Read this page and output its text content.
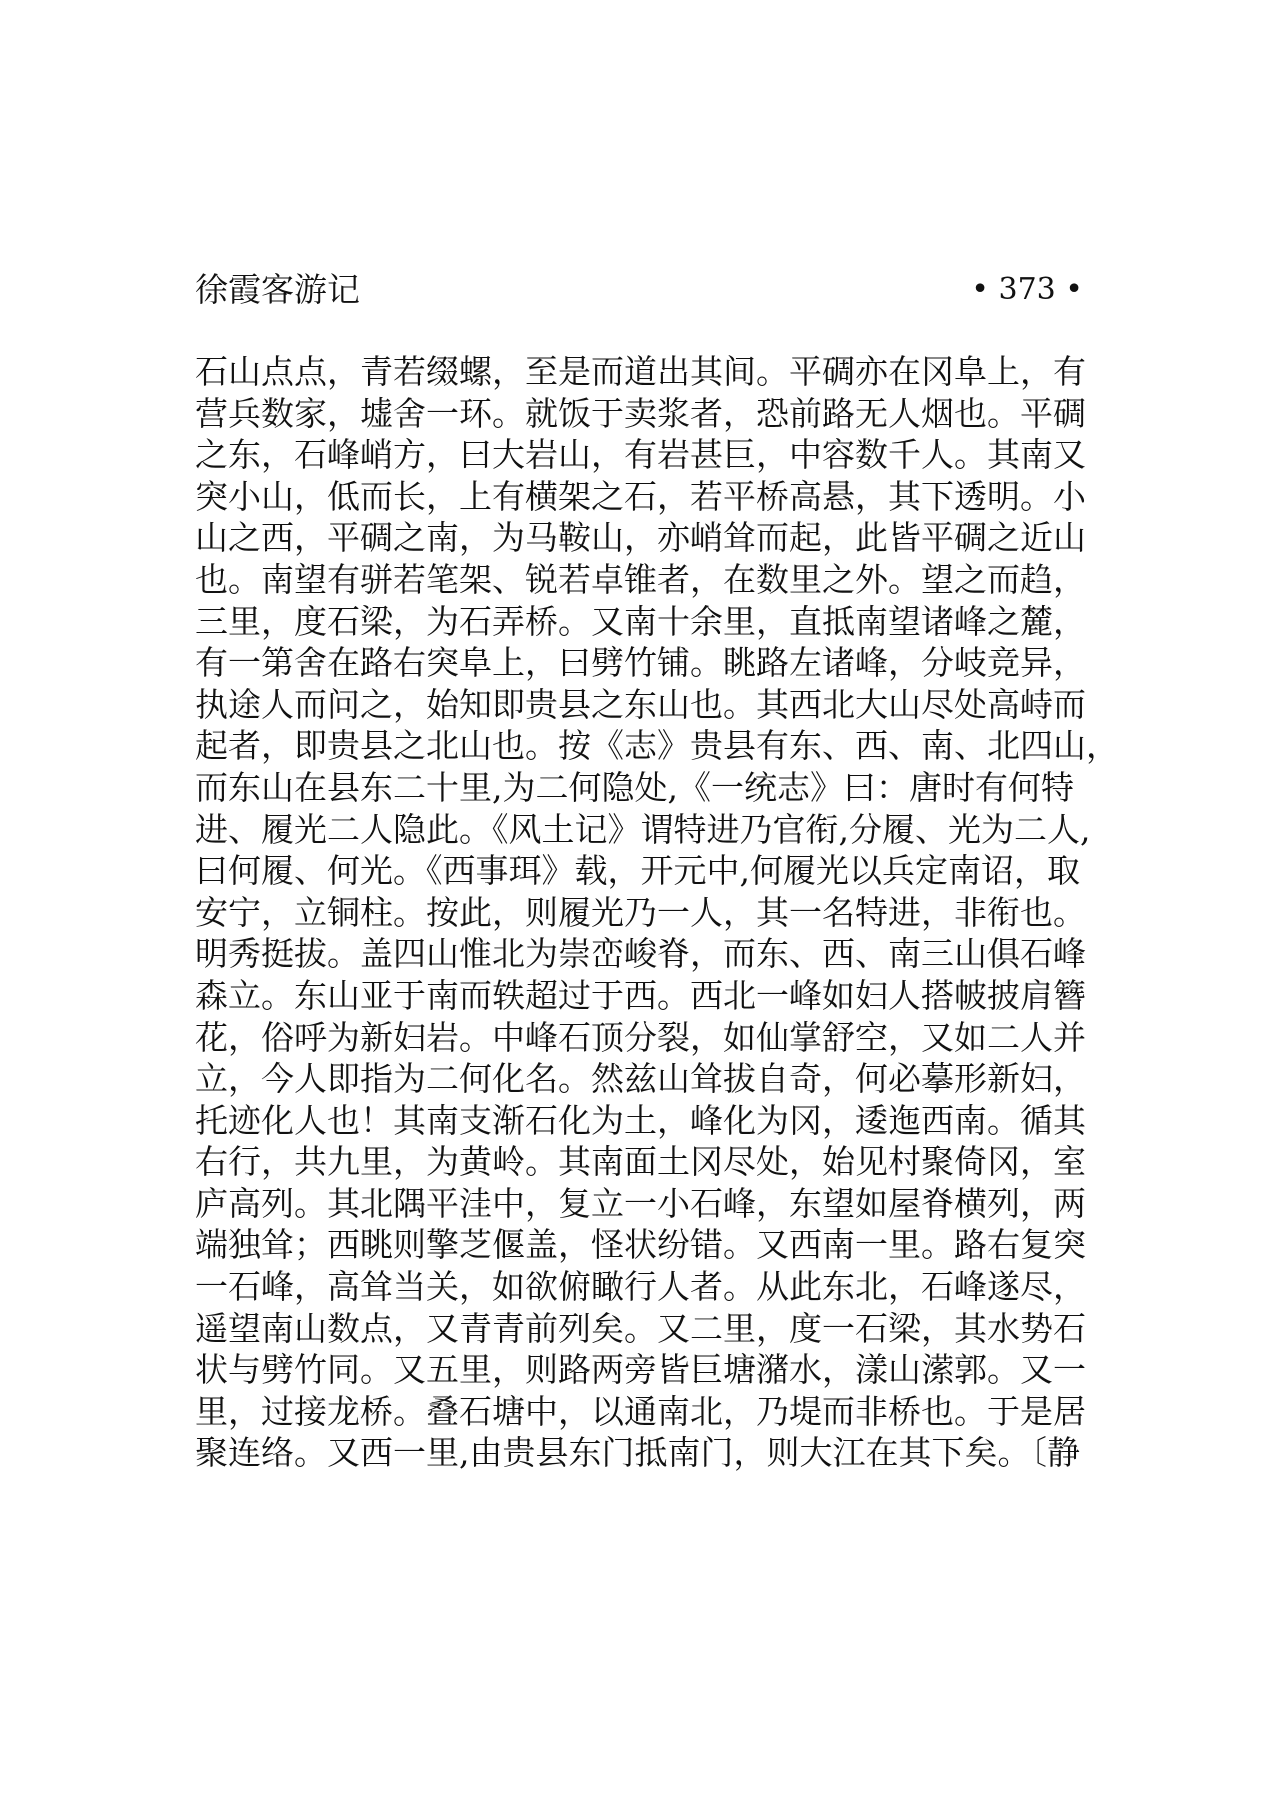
徐霞客游记	• 373 •
石山点点，青若缀螺，至是而道出其间。平碉亦在冈阜上，有
营兵数家，墟舍一环。就饭于卖浆者，恐前路无人烟也。平碉
之东，石峰峭方，曰大岩山，有岩甚巨，中容数千人。其南又
突小山，低而长，上有横架之石，若平桥高悬，其下透明。小
山之西，平碉之南，为马鞍山，亦峭耸而起，此皆平碉之近山
也。南望有骈若笔架、锐若卓锥者，在数里之外。望之而趋，
三里，度石梁，为石弄桥。又南十余里，直抵南望诸峰之麓，
有一第舍在路右突阜上，曰劈竹铺。眺路左诸峰，分岐竞异，
执途人而问之，始知即贵县之东山也。其西北大山尽处高峙而
起者，即贵县之北山也。按《志》贵县有东、西、南、北四山，
而东山在县东二十里,为二何隐处,《一统志》曰：唐时有何特
进、履光二人隐此。《风土记》谓特进乃官衔,分履、光为二人,
曰何履、何光。《西事珥》载，开元中,何履光以兵定南诏，取
安宁，立铜柱。按此，则履光乃一人，其一名特进，非衔也。
明秀挺拔。盖四山惟北为崇峦峻脊，而东、西、南三山俱石峰
森立。东山亚于南而轶超过于西。西北一峰如妇人搭帔披肩簪
花，俗呼为新妇岩。中峰石顶分裂，如仙掌舒空，又如二人并
立，今人即指为二何化名。然兹山耸拔自奇，何必摹形新妇，
托迹化人也！其南支渐石化为土，峰化为冈，逶迤西南。循其
右行，共九里，为黄岭。其南面土冈尽处，始见村聚倚冈，室
庐高列。其北隅平洼中，复立一小石峰，东望如屋脊横列，两
端独耸；西眺则擎芝偃盖，怪状纷错。又西南一里。路右复突
一石峰，高耸当关，如欲俯瞰行人者。从此东北，石峰遂尽，
遥望南山数点，又青青前列矣。又二里，度一石梁，其水势石
状与劈竹同。又五里，则路两旁皆巨塘潴水，漾山潆郭。又一
里，过接龙桥。叠石塘中，以通南北，乃堤而非桥也。于是居
聚连络。又西一里,由贵县东门抵南门，则大江在其下矣。〔静
